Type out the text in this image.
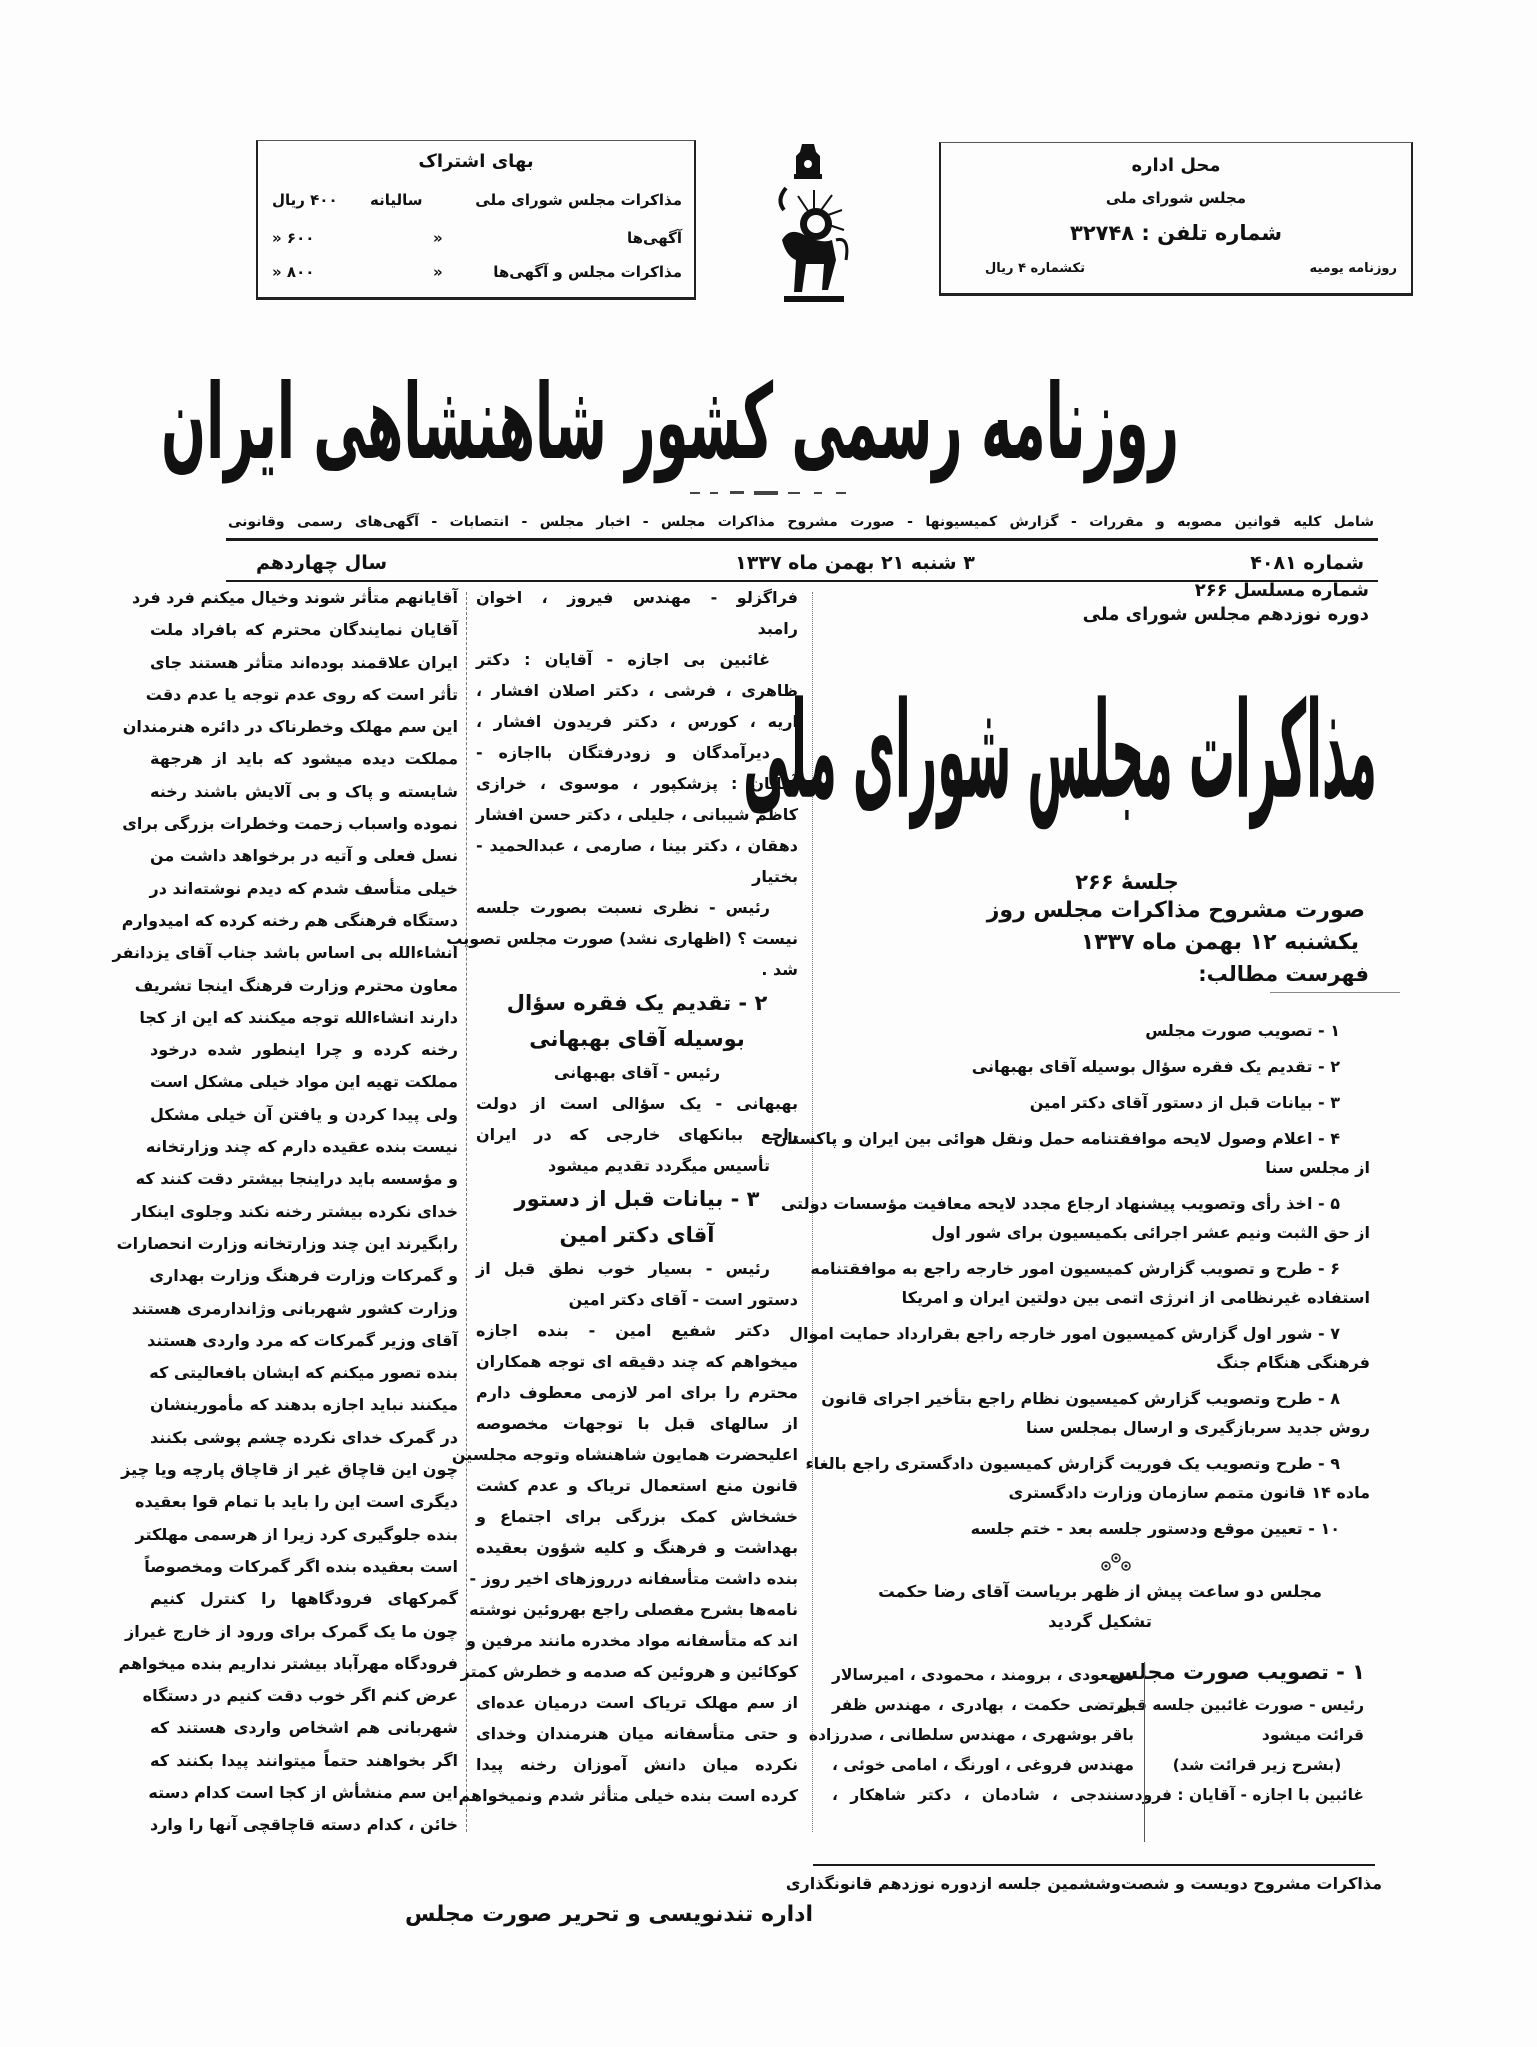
بهای اشتراک
مذاکرات مجلس شورای ملی
سالیانه
۴۰۰ ریال
آگهی‌ها
«
۶۰۰ «
مذاکرات مجلس و آگهی‌ها
«
۸۰۰ «
محل اداره
مجلس شورای ملی
شماره تلفن : ۳۲۷۴۸
روزنامه یومیه
تکشماره ۴ ریال
روزنامه رسمی کشور شاهنشاهی ایران
شامل کلیه قوانین مصوبه و مقررات - گزارش کمیسیونها - صورت مشروح مذاکرات مجلس - اخبار مجلس - انتصابات - آگهی‌های رسمی وقانونی
شماره ۴۰۸۱
۳ شنبه ۲۱ بهمن ماه ۱۳۳۷
سال چهاردهم
آقایانهم متأثر شوند وخیال میکنم فرد فرد
آقایان نمایندگان محترم که بافراد ملت
ایران علاقمند بوده‌اند متأثر هستند جای
تأثر است که روی عدم توجه یا عدم دقت
این سم مهلک وخطرناک در دائره هنرمندان
مملکت دیده میشود که باید از هرجهة
شایسته و پاک و بی آلایش باشند رخنه
نموده واسباب زحمت وخطرات بزرگی برای
نسل فعلی و آتیه در برخواهد داشت من
خیلی متأسف شدم که دیدم نوشته‌اند در
دستگاه فرهنگی هم رخنه کرده که امیدوارم
انشاءالله بی اساس باشد جناب آقای یزدانفر
معاون محترم وزارت فرهنگ اینجا تشریف
دارند انشاءالله توجه میکنند که این از کجا
رخنه کرده و چرا اینطور شده درخود
مملکت تهیه این مواد خیلی مشکل است
ولی پیدا کردن و یافتن آن خیلی مشکل
نیست بنده عقیده دارم که چند وزارتخانه
و مؤسسه باید دراینجا بیشتر دقت کنند که
خدای نکرده بیشتر رخنه نکند وجلوی اینکار
رابگیرند این چند وزارتخانه وزارت انحصارات
و گمرکات وزارت فرهنگ وزارت بهداری
وزارت کشور شهربانی وژاندارمری هستند
آقای وزیر گمرکات که مرد واردی هستند
بنده تصور میکنم که ایشان بافعالیتی که
میکنند نباید اجازه بدهند که مأمورینشان
در گمرک خدای نکرده چشم پوشی بکنند
چون این قاچاق غیر از قاچاق پارچه ویا چیز
دیگری است این را باید با تمام قوا بعقیده
بنده جلوگیری کرد زیرا از هرسمی مهلکتر
است بعقیده بنده اگر گمرکات ومخصوصاً
گمرکهای فرودگاهها را کنترل کنیم
چون ما یک گمرک برای ورود از خارج غیراز
فرودگاه مهرآباد بیشتر نداریم بنده میخواهم
عرض کنم اگر خوب دقت کنیم در دستگاه
شهربانی هم اشخاص واردی هستند که
اگر بخواهند حتماً میتوانند پیدا بکنند که
این سم منشأش از کجا است کدام دسته
خائن ، کدام دسته قاچاقچی آنها را وارد
فراگزلو - مهندس فیروز ، اخوان
رامبد
غائبین بی اجازه - آقایان : دکتر
ظاهری ، فرشی ، دکتر اصلان افشار ،
اریه ، کورس ، دکتر فریدون افشار ،
دیرآمدگان و زودرفتگان بااجازه -
آقایان : پزشکپور ، موسوی ، خرازی
کاظم شیبانی ، جلیلی ، دکتر حسن افشار
دهقان ، دکتر بینا ، صارمی ، عبدالحمید -
بختیار
رئیس - نظری نسبت بصورت جلسه
نیست ؟ (اظهاری نشد) صورت مجلس تصویب
شد .
۲ - تقدیم یک فقره سؤال
بوسیله آقای بهبهانی
رئیس - آقای بهبهانی
بهبهانی - یک سؤالی است از دولت
راجع ببانکهای خارجی که در ایران
تأسیس میگردد تقدیم میشود
۳ - بیانات قبل از دستور
آقای دکتر امین
رئیس - بسیار خوب نطق قبل از
دستور است - آقای دکتر امین
دکتر شفیع امین - بنده اجازه
میخواهم که چند دقیقه ای توجه همکاران
محترم را برای امر لازمی معطوف دارم
از سالهای قبل با توجهات مخصوصه
اعلیحضرت همایون شاهنشاه وتوجه مجلسین
قانون منع استعمال تریاک و عدم کشت
خشخاش کمک بزرگی برای اجتماع و
بهداشت و فرهنگ و کلیه شؤون بعقیده
بنده داشت متأسفانه درروزهای اخیر روز -
نامه‌ها بشرح مفصلی راجع بهروئین نوشته‌
اند که متأسفانه مواد مخدره مانند مرفین و
کوکائین و هروئین که صدمه و خطرش کمتر
از سم مهلک تریاک است درمیان عده‌ای
و حتی متأسفانه میان هنرمندان وخدای
نکرده میان دانش آموزان رخنه پیدا
کرده است بنده خیلی متأثر شدم ونمیخواهم
شماره مسلسل ۲۶۶
دوره نوزدهم مجلس شورای ملی
مذاکرات مجلس شورای ملی
جلسهٔ ۲۶۶
صورت مشروح مذاکرات مجلس روز
یکشنبه ۱۲ بهمن ماه ۱۳۳۷
فهرست مطالب:
۱ - تصویب صورت مجلس
۲ - تقدیم یک فقره سؤال بوسیله آقای بهبهانی
۳ - بیانات قبل از دستور آقای دکتر امین
۴ - اعلام وصول لایحه موافقتنامه حمل ونقل هوائی بین ایران و پاکستان
از مجلس سنا
۵ - اخذ رأی وتصویب پیشنهاد ارجاع مجدد لایحه معافیت مؤسسات دولتی
از حق الثبت ونیم عشر اجرائی بکمیسیون برای شور اول
۶ - طرح و تصویب گزارش کمیسیون امور خارجه راجع به موافقتنامه
استفاده غیرنظامی از انرژی اتمی بین دولتین ایران و امریکا
۷ - شور اول گزارش کمیسیون امور خارجه راجع بقرارداد حمایت اموال
فرهنگی هنگام جنگ
۸ - طرح وتصویب گزارش کمیسیون نظام راجع بتأخیر اجرای قانون
روش جدید سربازگیری و ارسال بمجلس سنا
۹ - طرح وتصویب یک فوریت گزارش کمیسیون دادگستری راجع بالغاء
ماده ۱۴ قانون متمم سازمان وزارت دادگستری
۱۰ - تعیین موقع ودستور جلسه بعد - ختم جلسه
مجلس دو ساعت پیش از ظهر بریاست آقای رضا حکمت
تشکیل گردید
۱ - تصویب صورت مجلس
رئیس - صورت غائبین جلسه قبل
قرائت میشود
(بشرح زیر قرائت شد)
غائبین با اجازه - آقایان : فرود
مسعودی ، برومند ، محمودی ، امیرسالار
مرتضی حکمت ، بهادری ، مهندس ظفر
باقر بوشهری ، مهندس سلطانی ، صدرزاده
مهندس فروغی ، اورنگ ، امامی خوئی ،
سنندجی ، شادمان ، دکتر شاهکار ،
مذاکرات مشروح دویست و شصت‌وششمین جلسه ازدوره نوزدهم قانونگذاری
اداره تندنویسی و تحریر صورت مجلس
